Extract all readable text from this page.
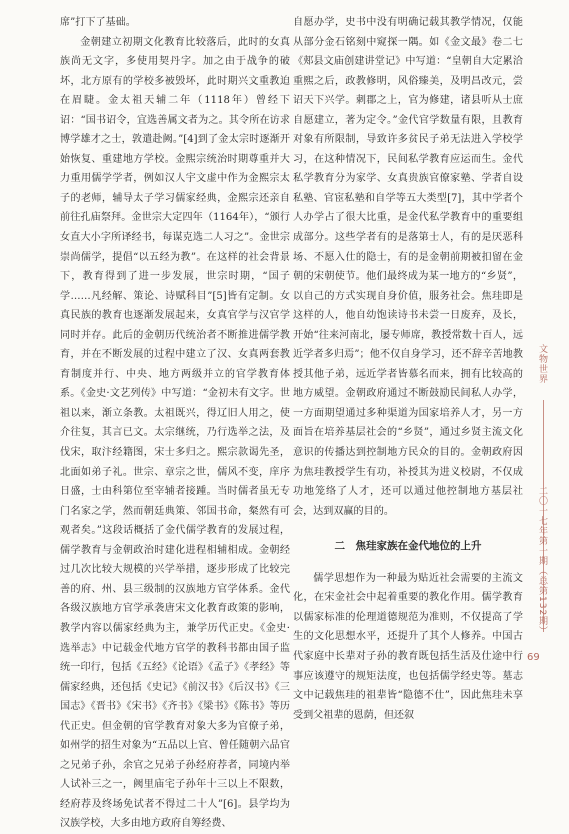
席”打下了基础。

金朝建立初期文化教育比较落后，此时的女真族尚无文字，多使用契丹字。加之由于战争的破坏，北方原有的学校多被毁坏，此时期兴文重教迫在眉睫。金太祖天辅二年（1118年）曾经下诏：“国书诏令，宜选善属文者为之。其令所在访求博学雄才之士，敦遣赴阙。”[4]到了金太宗时逐渐开始恢复、重建地方学校。金熙宗统治时期尊重并大力重用儒学学者，例如汉人宇文虚中作为金熙宗太子的老师，辅导太子学习儒家经典，金熙宗还亲自前往孔庙祭拜。金世宗大定四年（1164年），“颁行女直大小字所译经书，每谋克选二人习之”。金世宗崇尚儒学，提倡“以五经为教”。在这样的社会背景下，教育得到了进一步发展，世宗时期，“国子学……凡经解、策论、诗赋科目”[5]皆有定制。女真民族的教育也逐渐发展起来，女真官学与汉官学同时并存。此后的金朝历代统治者不断推进儒学教育，并在不断发展的过程中建立了汉、女真两套教育制度并行、中央、地方两级并立的官学教育体系。《金史·文艺列传》中写道：“金初未有文字。世祖以来，渐立条教。太祖既兴，得辽旧人用之，使介往复，其言已文。太宗继统，乃行选举之法，及伐宋，取汴经籍图，宋士多归之。熙宗款谒先圣，北面如弟子礼。世宗、章宗之世，儒风不变，庠序日盛，士由科第位至宰辅者接踵。当时儒者虽无专门名家之学，然而朝廷典策、邻国书命，粲然有可观者矣。”这段话概括了金代儒学教育的发展过程，儒学教育与金朝政治时建化进程相辅相成。金朝经过几次比较大规模的兴学举措，逐步形成了比较完善的府、州、县三级制的汉族地方官学体系。金代各级汉族地方官学承袭唐宋文化教育政策的影响，教学内容以儒家经典为主，兼学历代正史。《金史·选举志》中记载金代地方官学的教科书都由国子监统一印行，包括《五经》《论语》《孟子》《孝经》等儒家经典，还包括《史记》《前汉书》《后汉书》《三国志》《晋书》《宋书》《齐书》《梁书》《陈书》等历代正史。但金朝的官学教育对象大多为官僚子弟，如州学的招生对象为“五品以上官、曾任随朝六品官之兄弟子孙，余官之兄弟子孙经府荐者，同境内举人试补三之一，阙里庙宅子孙年十三以上不限数，经府荐及终场免试者不得过二十人”[6]。县学均为汉族学校，大多由地方政府自筹经费、

自愿办学，史书中没有明确记载其教学情况，仅能从部分金石铭刻中窥探一隅。如《金文最》卷二七《郏县文庙创建讲堂记》中写道：“皇朝自大定累洽重熙之后，政教修明，风俗臻美，及明昌改元，尝诏天下兴学。刺郡之上，官为修建，诸县听从士庶自愿建立，著为定令。”金代官学数量有限，且教育对象有所限制，导致许多贫民子弟无法进入学校学习，在这种情况下，民间私学教育应运而生。金代私学教育分为家学、女真贵族官僚家塾、学者自设私塾、官宦私塾和自学等五大类型[7]，其中学者个人办学占了很大比重，是金代私学教育中的重要组成部分。这些学者有的是落第士人，有的是厌恶科场、不愿入仕的隐士，有的是金朝前期被扣留在金朝的宋朝使节。他们最终成为某一地方的“乡贤”，以自己的方式实现自身价值，服务社会。焦珪即是这样的人，他自幼饱读诗书未尝一日废弃，及长，开始“往来河南北，屡专师席，教授常数十百人，远近学者多归焉”；他不仅自身学习，还不辞辛苦地教授其他子弟，远近学者皆慕名而来，拥有比较高的地方威望。金朝政府通过不断鼓励民间私人办学，一方面期望通过多种渠道为国家培养人才，另一方面旨在培养基层社会的“乡贤”，通过乡贤主流文化意识的传播达到控制地方民众的目的。金朝政府因为焦珪教授学生有功，补授其为进义校尉，不仅成功地笼络了人才，还可以通过他控制地方基层社会，达到双赢的目的。

二　焦珪家族在金代地位的上升

儒学思想作为一种最为贴近社会需要的主流文化，在宋金社会中起着重要的教化作用。儒学教育以儒家标准的伦理道德规范为准则，不仅提高了学生的文化思想水平，还提升了其个人修养。中国古代家庭中长辈对子孙的教育既包括生活及仕途中行事应该遵守的规矩法度，也包括儒学经史等。墓志文中记载焦珪的祖辈皆“隐德不仕”，因此焦珪未享受到父祖辈的恩荫，但还叙

文物世界
二〇一七年第一期（总第132期）
69
